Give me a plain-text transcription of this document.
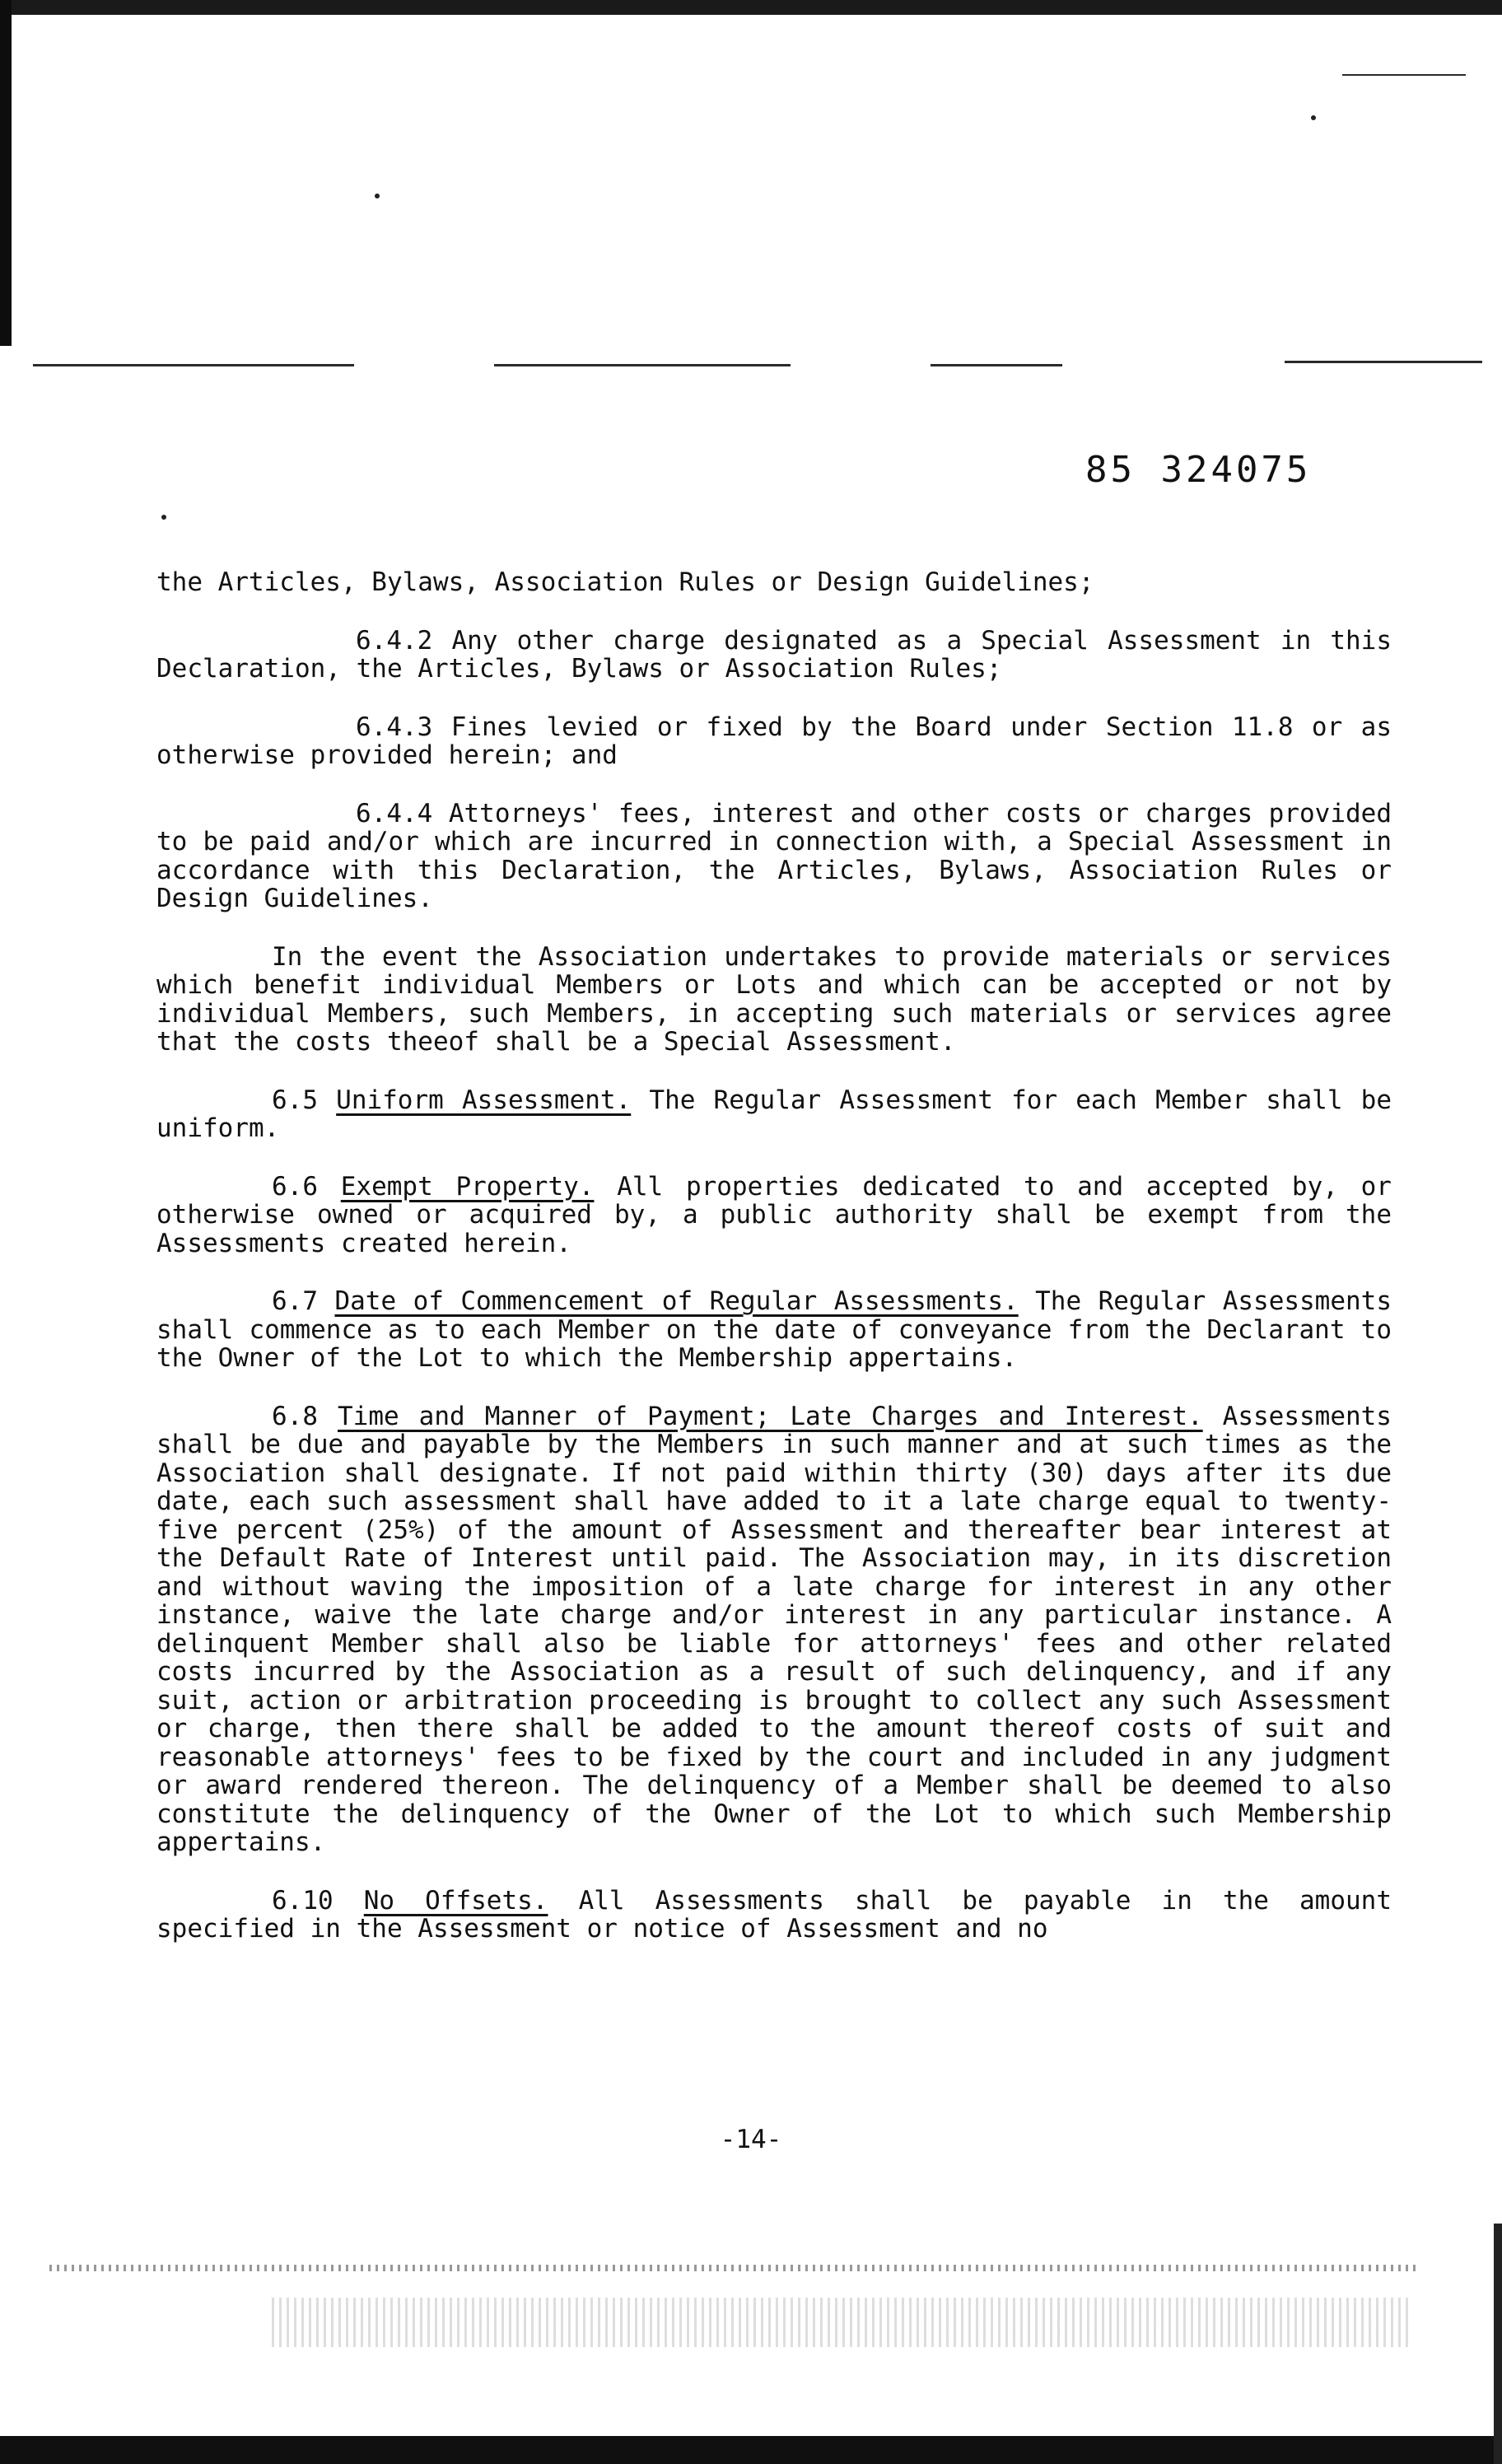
85 324075

the Articles, Bylaws, Association Rules or Design Guidelines;

6.4.2 Any other charge designated as a Special Assessment in this Declaration, the Articles, Bylaws or Association Rules;

6.4.3 Fines levied or fixed by the Board under Section 11.8 or as otherwise provided herein; and

6.4.4 Attorneys' fees, interest and other costs or charges provided to be paid and/or which are incurred in connection with, a Special Assessment in accordance with this Declaration, the Articles, Bylaws, Association Rules or Design Guidelines.

In the event the Association undertakes to provide materials or services which benefit individual Members or Lots and which can be accepted or not by individual Members, such Members, in accepting such materials or services agree that the costs theeof shall be a Special Assessment.

6.5 Uniform Assessment. The Regular Assessment for each Member shall be uniform.

6.6 Exempt Property. All properties dedicated to and accepted by, or otherwise owned or acquired by, a public authority shall be exempt from the Assessments created herein.

6.7 Date of Commencement of Regular Assessments. The Regular Assessments shall commence as to each Member on the date of conveyance from the Declarant to the Owner of the Lot to which the Membership appertains.

6.8 Time and Manner of Payment; Late Charges and Interest. Assessments shall be due and payable by the Members in such manner and at such times as the Association shall designate. If not paid within thirty (30) days after its due date, each such assessment shall have added to it a late charge equal to twenty-five percent (25%) of the amount of Assessment and thereafter bear interest at the Default Rate of Interest until paid. The Association may, in its discretion and without waving the imposition of a late charge for interest in any other instance, waive the late charge and/or interest in any particular instance. A delinquent Member shall also be liable for attorneys' fees and other related costs incurred by the Association as a result of such delinquency, and if any suit, action or arbitration proceeding is brought to collect any such Assessment or charge, then there shall be added to the amount thereof costs of suit and reasonable attorneys' fees to be fixed by the court and included in any judgment or award rendered thereon. The delinquency of a Member shall be deemed to also constitute the delinquency of the Owner of the Lot to which such Membership appertains.

6.10 No Offsets. All Assessments shall be payable in the amount specified in the Assessment or notice of Assessment and no

-14-
